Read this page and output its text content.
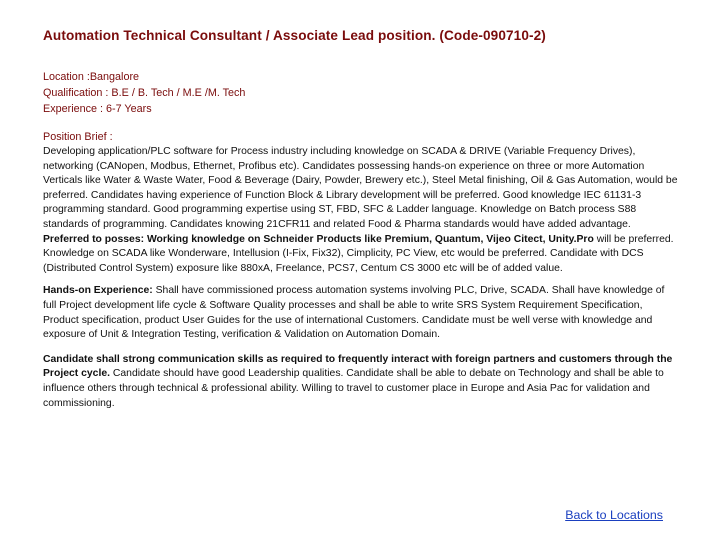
Automation Technical Consultant / Associate Lead position. (Code-090710-2)
Location :Bangalore
Qualification : B.E / B. Tech / M.E /M. Tech
Experience : 6-7 Years
Position Brief :
Developing application/PLC software for Process industry including knowledge on SCADA & DRIVE (Variable Frequency Drives), networking (CANopen, Modbus, Ethernet, Profibus etc). Candidates possessing hands-on experience on three or more Automation Verticals like Water & Waste Water, Food & Beverage (Dairy, Powder, Brewery etc.), Steel Metal finishing, Oil & Gas Automation, would be preferred. Candidates having experience of Function Block & Library development will be preferred. Good knowledge IEC 61131-3 programming standard. Good programming expertise using ST, FBD, SFC & Ladder language. Knowledge on Batch process S88 standards of programming. Candidates knowing 21CFR11 and related Food & Pharma standards would have added advantage.
Preferred to posses: Working knowledge on Schneider Products like Premium, Quantum, Vijeo Citect, Unity.Pro will be preferred. Knowledge on SCADA like Wonderware, Intellusion (I-Fix, Fix32), Cimplicity, PC View, etc would be preferred. Candidate with DCS (Distributed Control System) exposure like 880xA, Freelance, PCS7, Centum CS 3000 etc will be of added value.
Hands-on Experience: Shall have commissioned process automation systems involving PLC, Drive, SCADA. Shall have knowledge of full Project development life cycle & Software Quality processes and shall be able to write SRS System Requirement Specification, Product specification, product User Guides for the use of international Customers. Candidate must be well verse with knowledge and exposure of Unit & Integration Testing, verification & Validation on Automation Domain.
Candidate shall strong communication skills as required to frequently interact with foreign partners and customers through the Project cycle. Candidate should have good Leadership qualities. Candidate shall be able to debate on Technology and shall be able to influence others through technical & professional ability. Willing to travel to customer place in Europe and Asia Pac for validation and commissioning.
Back to Locations
